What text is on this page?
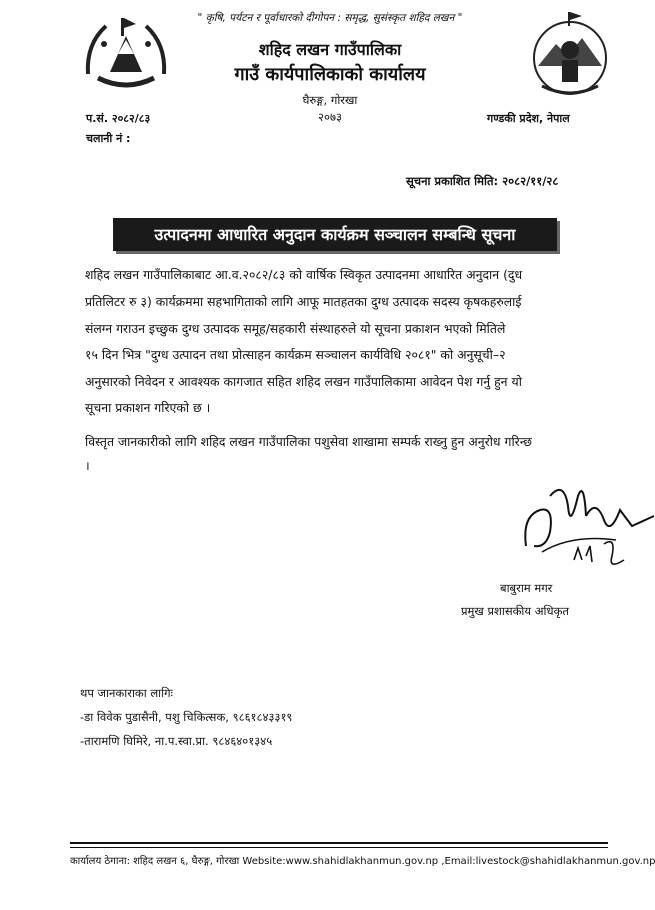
" कृषि, पर्यटन र पूर्वाधारको दीगोपन : समृद्ध, सुसंस्कृत शहिद लखन "
शहिद लखन गाउँपालिका
गाउँ कार्यपालिकाको कार्यालय
घैरुङ्ग, गोरखा
२०७३
प.सं. २०८२/८३	गण्डकी प्रदेश, नेपाल
चलानी नं :
सूचना प्रकाशित मिति: २०८२/११/२८
उत्पादनमा आधारित अनुदान कार्यक्रम सञ्चालन सम्बन्धि सूचना
शहिद लखन गाउँपालिकाबाट आ.व.२०८२/८३ को वार्षिक स्विकृत उत्पादनमा आधारित अनुदान (दुध
प्रतिलिटर रु ३) कार्यक्रममा सहभागिताको लागि आफू मातहतका दुग्ध उत्पादक सदस्य कृषकहरुलाई
संलग्न गराउन इच्छुक दुग्ध उत्पादक समूह/सहकारी संस्थाहरुले यो सूचना प्रकाशन भएको मितिले
१५ दिन भित्र "दुग्ध उत्पादन तथा प्रोत्साहन कार्यक्रम सञ्चालन कार्यविधि २०८१" को अनुसूची–२
अनुसारको निवेदन र आवश्यक कागजात सहित शहिद लखन गाउँपालिकामा आवेदन पेश गर्नु हुन यो
सूचना प्रकाशन गरिएको छ ।
विस्तृत जानकारीको लागि शहिद लखन गाउँपालिका पशुसेवा शाखामा सम्पर्क राख्नु हुन अनुरोध गरिन्छ
।
बाबुराम मगर
प्रमुख प्रशासकीय अधिकृत
थप जानकाराका लागिः
-डा विवेक पुडासैनी, पशु चिकित्सक, ९८६१८४३३१९
-तारामणि घिमिरे, ना.प.स्वा.प्रा. ९८४६४०१३४५
कार्यालय ठेगाना: शहिद लखन ६, घैरुङ्ग, गोरखा Website:www.shahidlakhanmun.gov.np ,Email:livestock@shahidlakhanmun.gov.np
